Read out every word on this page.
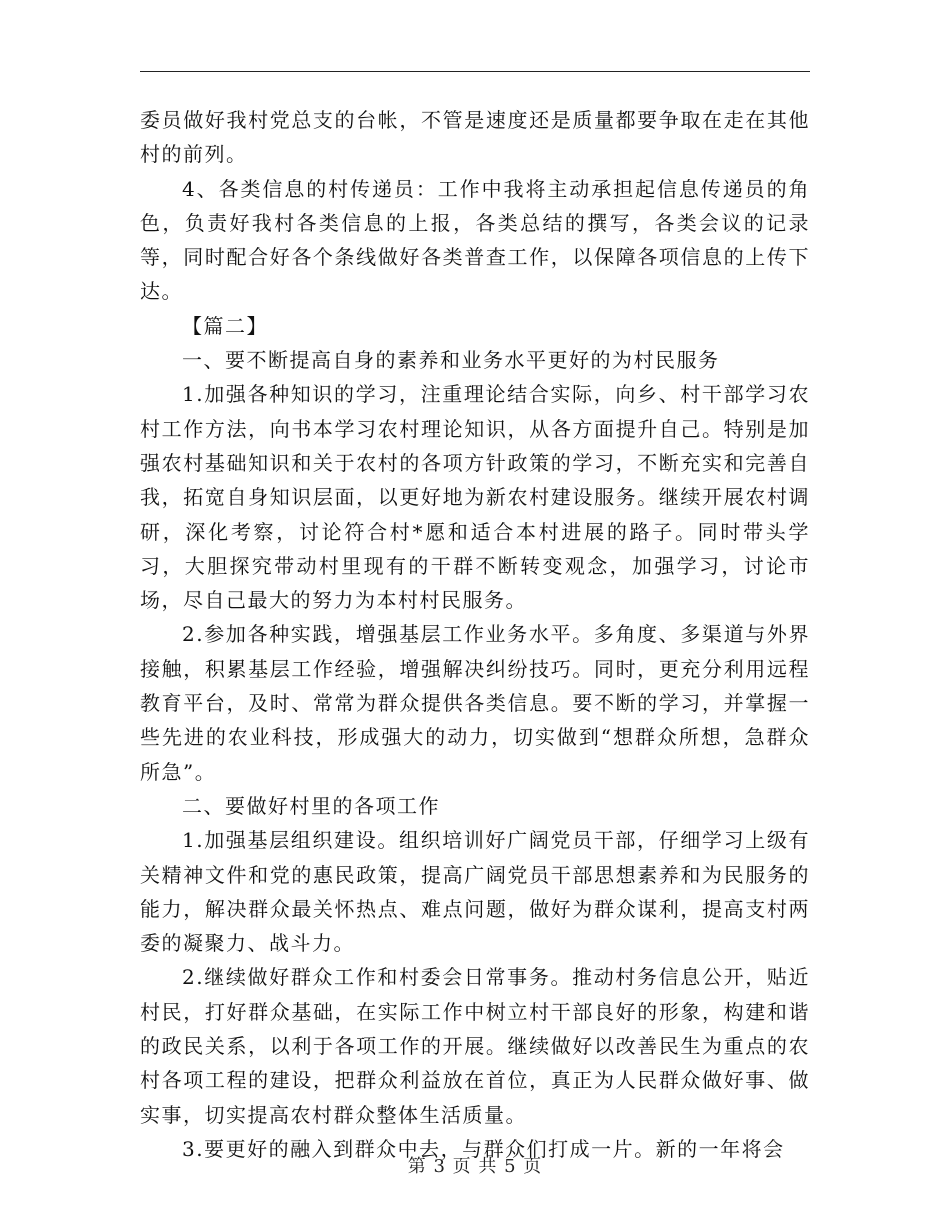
委员做好我村党总支的台帐，不管是速度还是质量都要争取在走在其他村的前列。

4、各类信息的村传递员：工作中我将主动承担起信息传递员的角色，负责好我村各类信息的上报，各类总结的撰写，各类会议的记录等，同时配合好各个条线做好各类普查工作，以保障各项信息的上传下达。

【篇二】

一、要不断提高自身的素养和业务水平更好的为村民服务

1.加强各种知识的学习，注重理论结合实际，向乡、村干部学习农村工作方法，向书本学习农村理论知识，从各方面提升自己。特别是加强农村基础知识和关于农村的各项方针政策的学习，不断充实和完善自我，拓宽自身知识层面，以更好地为新农村建设服务。继续开展农村调研，深化考察，讨论符合村*愿和适合本村进展的路子。同时带头学习，大胆探究带动村里现有的干群不断转变观念，加强学习，讨论市场，尽自己最大的努力为本村村民服务。

2.参加各种实践，增强基层工作业务水平。多角度、多渠道与外界接触，积累基层工作经验，增强解决纠纷技巧。同时，更充分利用远程教育平台，及时、常常为群众提供各类信息。要不断的学习，并掌握一些先进的农业科技，形成强大的动力，切实做到“想群众所想，急群众所急”。

二、要做好村里的各项工作

1.加强基层组织建设。组织培训好广阔党员干部，仔细学习上级有关精神文件和党的惠民政策，提高广阔党员干部思想素养和为民服务的能力，解决群众最关怀热点、难点问题，做好为群众谋利，提高支村两委的凝聚力、战斗力。

2.继续做好群众工作和村委会日常事务。推动村务信息公开，贴近村民，打好群众基础，在实际工作中树立村干部良好的形象，构建和谐的政民关系，以利于各项工作的开展。继续做好以改善民生为重点的农村各项工程的建设，把群众利益放在首位，真正为人民群众做好事、做实事，切实提高农村群众整体生活质量。

3.要更好的融入到群众中去，与群众们打成一片。新的一年将会

第 3 页 共 5 页
